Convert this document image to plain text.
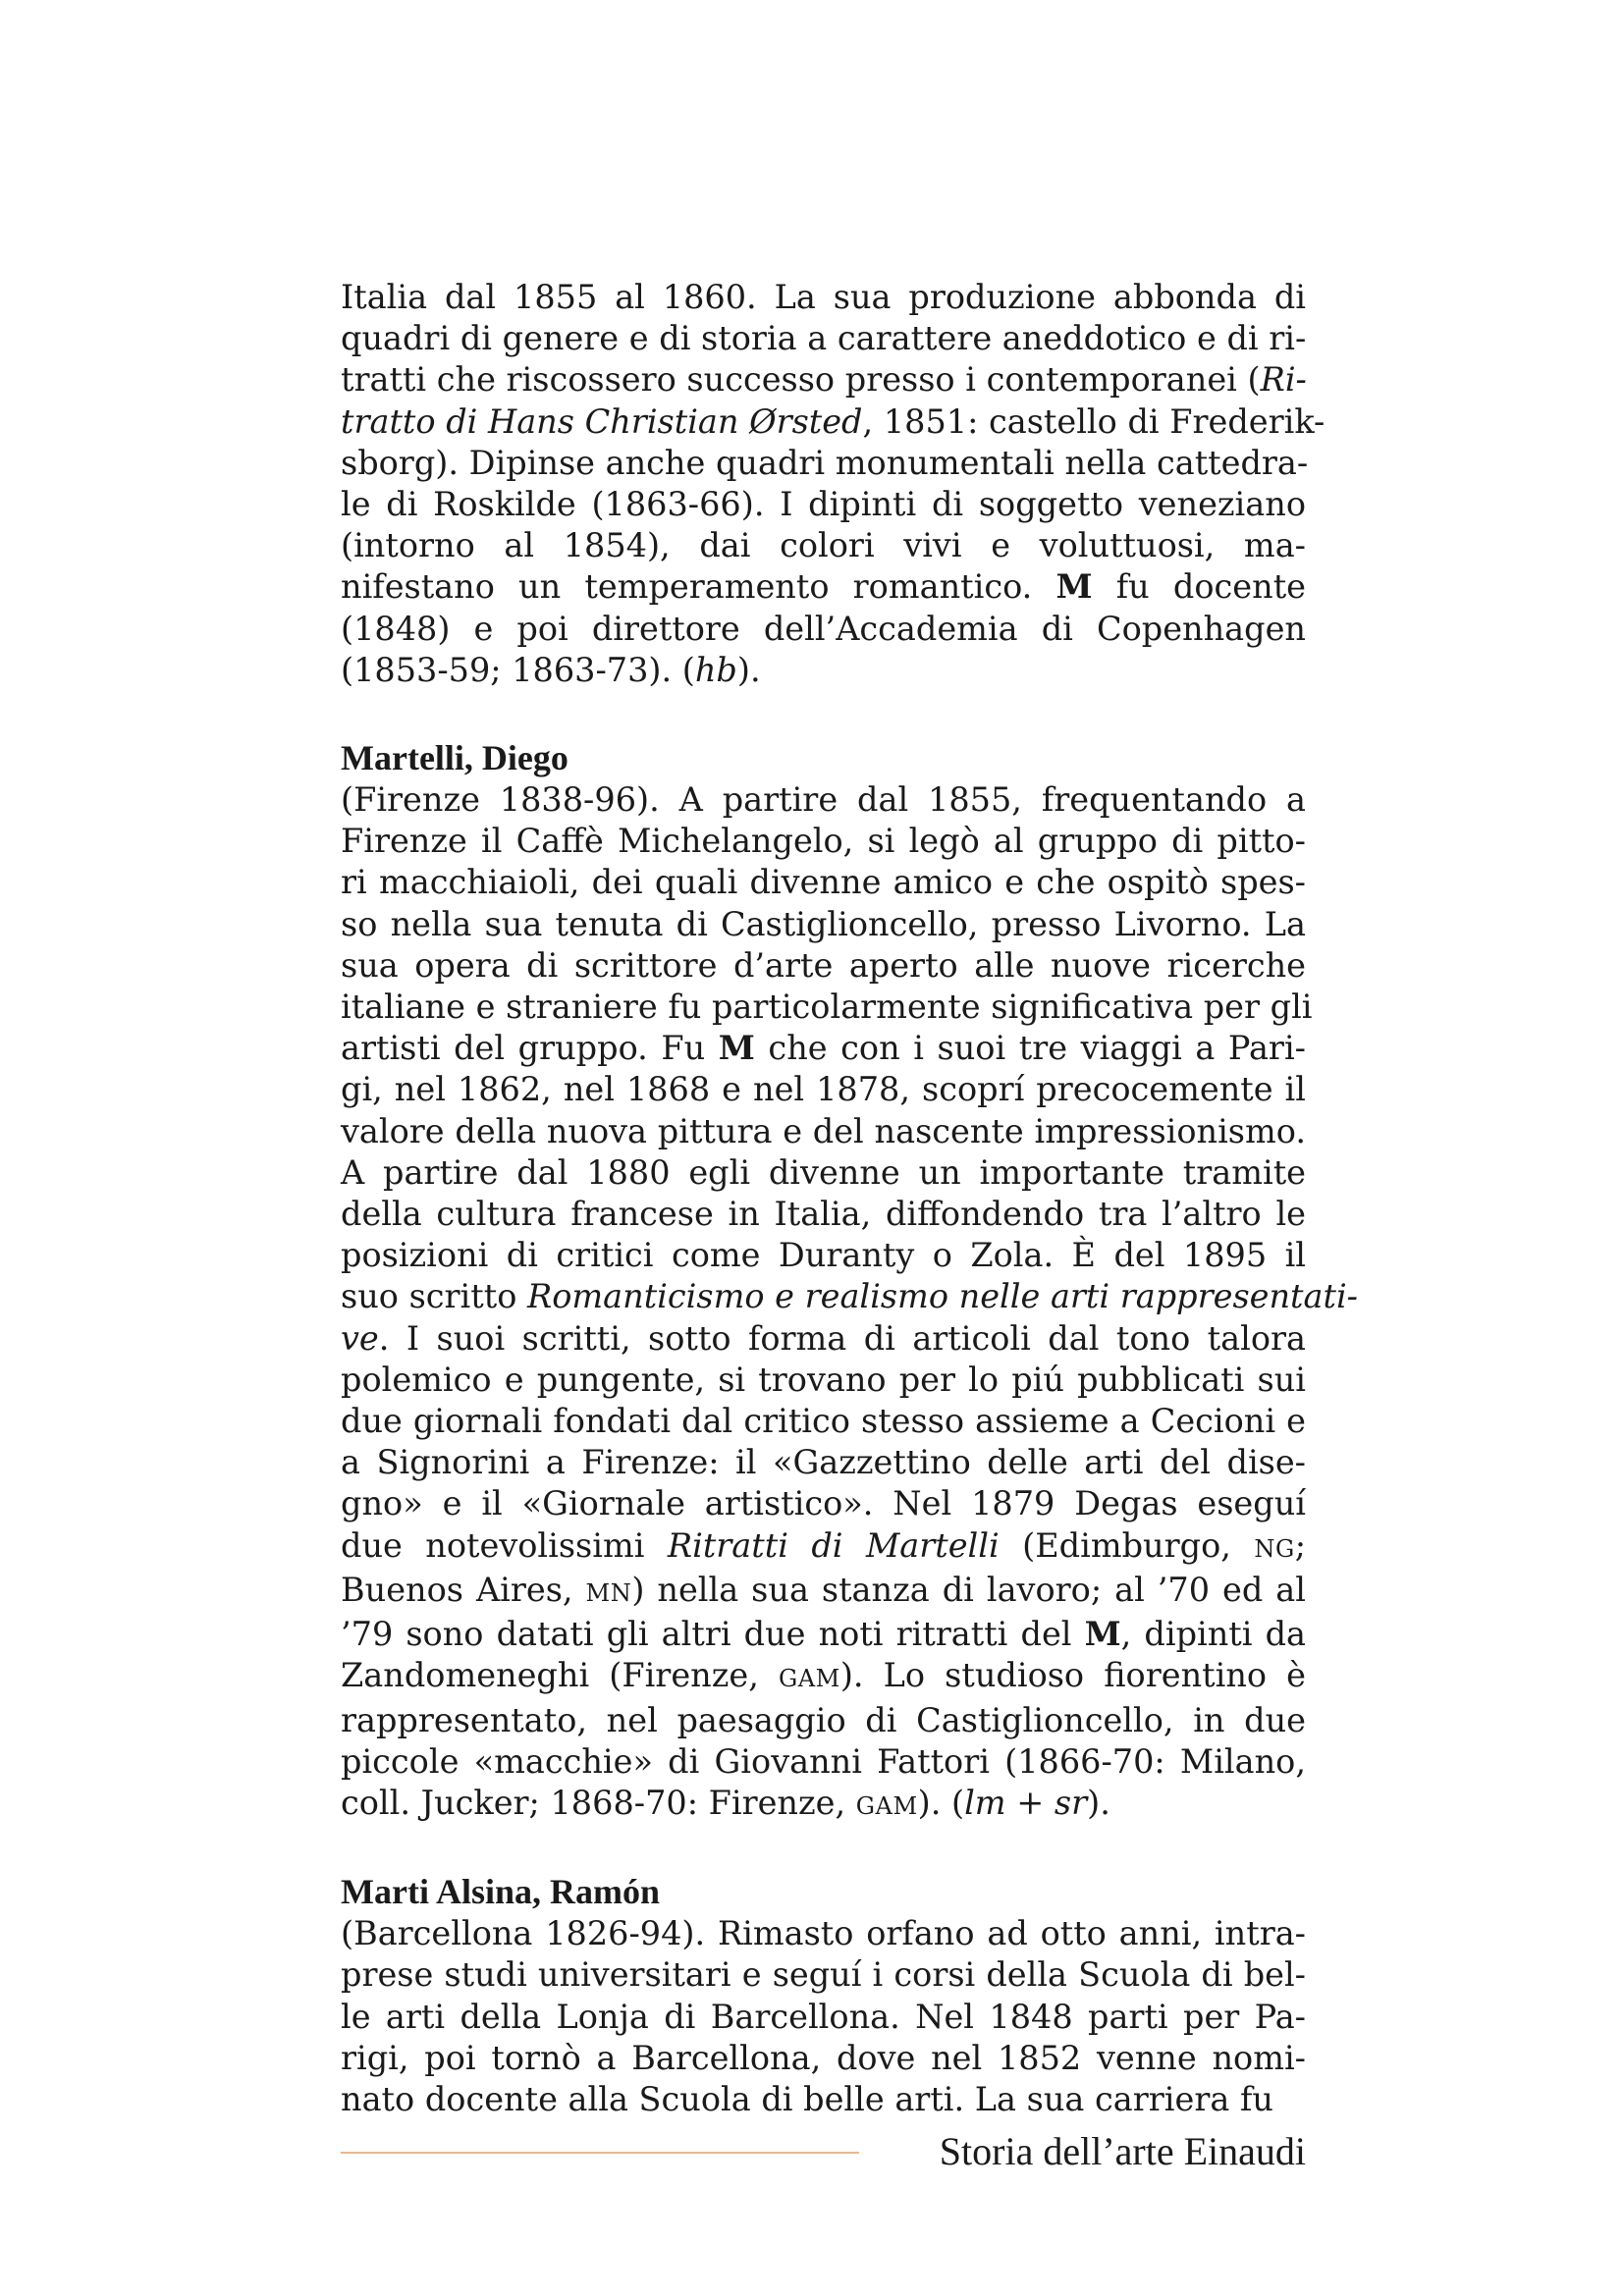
Italia dal 1855 al 1860. La sua produzione abbonda di
quadri di genere e di storia a carattere aneddotico e di ri-
tratti che riscossero successo presso i contemporanei (Ri-
tratto di Hans Christian Ørsted, 1851: castello di Frederik-
sborg). Dipinse anche quadri monumentali nella cattedra-
le di Roskilde (1863-66). I dipinti di soggetto veneziano
(intorno al 1854), dai colori vivi e voluttuosi, ma-
nifestano un temperamento romantico. M fu docente
(1848) e poi direttore dell’Accademia di Copenhagen
(1853-59; 1863-73). (hb).
Martelli, Diego
(Firenze 1838-96). A partire dal 1855, frequentando a
Firenze il Caffè Michelangelo, si legò al gruppo di pitto-
ri macchiaioli, dei quali divenne amico e che ospitò spes-
so nella sua tenuta di Castiglioncello, presso Livorno. La
sua opera di scrittore d’arte aperto alle nuove ricerche
italiane e straniere fu particolarmente significativa per gli
artisti del gruppo. Fu M che con i suoi tre viaggi a Pari-
gi, nel 1862, nel 1868 e nel 1878, scoprí precocemente il
valore della nuova pittura e del nascente impressionismo.
A partire dal 1880 egli divenne un importante tramite
della cultura francese in Italia, diffondendo tra l’altro le
posizioni di critici come Duranty o Zola. È del 1895 il
suo scritto Romanticismo e realismo nelle arti rappresentati-
ve. I suoi scritti, sotto forma di articoli dal tono talora
polemico e pungente, si trovano per lo piú pubblicati sui
due giornali fondati dal critico stesso assieme a Cecioni e
a Signorini a Firenze: il «Gazzettino delle arti del dise-
gno» e il «Giornale artistico». Nel 1879 Degas eseguí
due notevolissimi Ritratti di Martelli (Edimburgo, NG;
Buenos Aires, MN) nella sua stanza di lavoro; al ’70 ed al
’79 sono datati gli altri due noti ritratti del M, dipinti da
Zandomeneghi (Firenze, GAM). Lo studioso fiorentino è
rappresentato, nel paesaggio di Castiglioncello, in due
piccole «macchie» di Giovanni Fattori (1866-70: Milano,
coll. Jucker; 1868-70: Firenze, GAM). (lm + sr).
Marti Alsina, Ramón
(Barcellona 1826-94). Rimasto orfano ad otto anni, intra-
prese studi universitari e seguí i corsi della Scuola di bel-
le arti della Lonja di Barcellona. Nel 1848 parti per Pa-
rigi, poi tornò a Barcellona, dove nel 1852 venne nomi-
nato docente alla Scuola di belle arti. La sua carriera fu
Storia dell’arte Einaudi
